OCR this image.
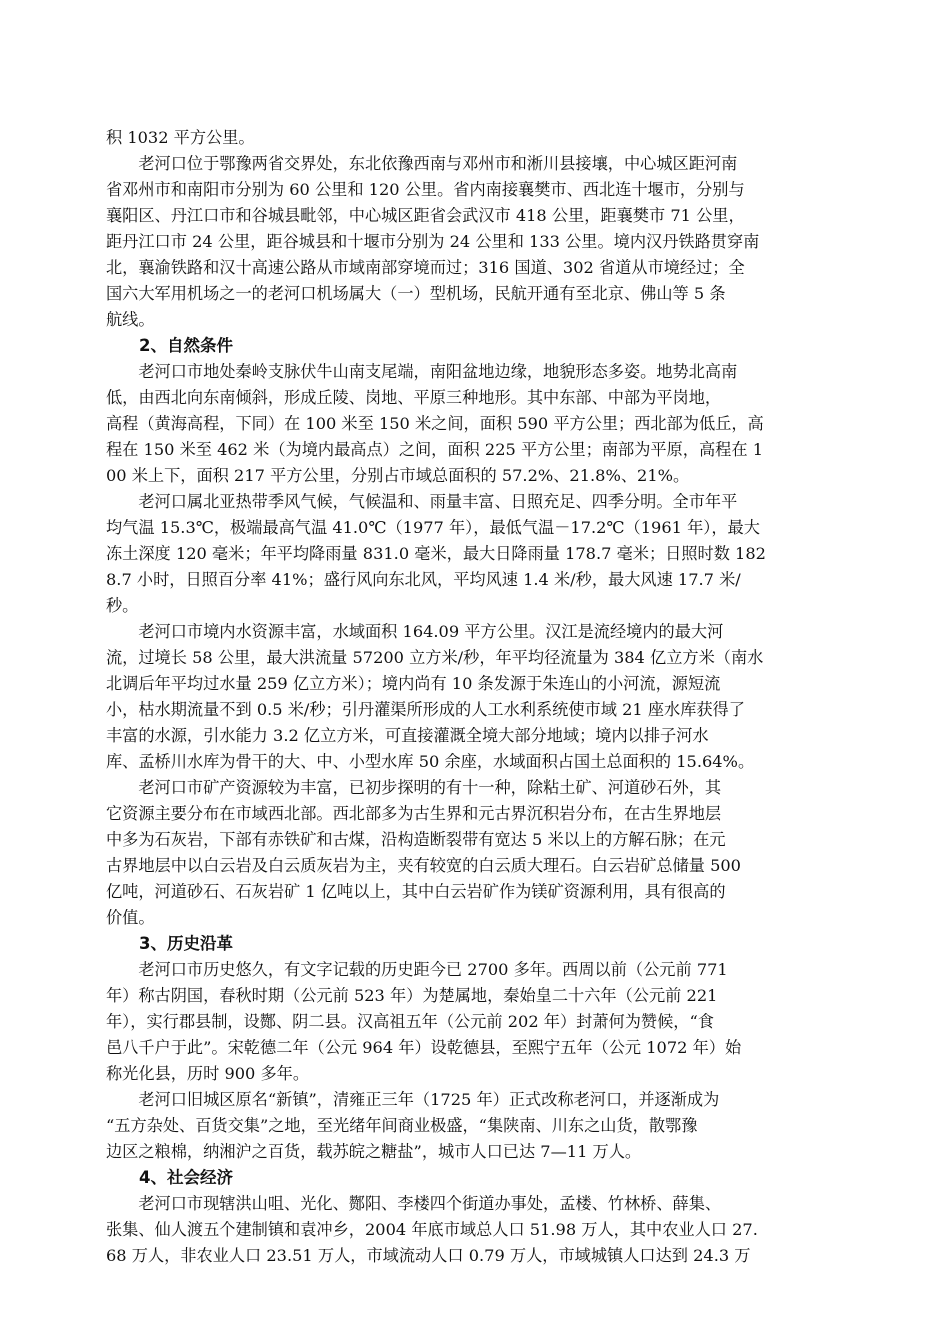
积 1032 平方公里。
　　老河口位于鄂豫两省交界处，东北依豫西南与邓州市和淅川县接壤，中心城区距河南
省邓州市和南阳市分别为 60 公里和 120 公里。省内南接襄樊市、西北连十堰市，分别与
襄阳区、丹江口市和谷城县毗邻，中心城区距省会武汉市 418 公里，距襄樊市 71 公里，
距丹江口市 24 公里，距谷城县和十堰市分别为 24 公里和 133 公里。境内汉丹铁路贯穿南
北，襄渝铁路和汉十高速公路从市域南部穿境而过；316 国道、302 省道从市境经过；全
国六大军用机场之一的老河口机场属大（一）型机场，民航开通有至北京、佛山等 5 条
航线。
　　2、自然条件
　　老河口市地处秦岭支脉伏牛山南支尾端，南阳盆地边缘，地貌形态多姿。地势北高南
低，由西北向东南倾斜，形成丘陵、岗地、平原三种地形。其中东部、中部为平岗地，
高程（黄海高程，下同）在 100 米至 150 米之间，面积 590 平方公里；西北部为低丘，高
程在 150 米至 462 米（为境内最高点）之间，面积 225 平方公里；南部为平原，高程在 1
00 米上下，面积 217 平方公里，分别占市域总面积的 57.2%、21.8%、21%。
　　老河口属北亚热带季风气候，气候温和、雨量丰富、日照充足、四季分明。全市年平
均气温 15.3℃，极端最高气温 41.0℃（1977 年），最低气温－17.2℃（1961 年），最大
冻土深度 120 毫米；年平均降雨量 831.0 毫米，最大日降雨量 178.7 毫米；日照时数 182
8.7 小时，日照百分率 41%；盛行风向东北风，平均风速 1.4 米/秒，最大风速 17.7 米/
秒。
　　老河口市境内水资源丰富，水域面积 164.09 平方公里。汉江是流经境内的最大河
流，过境长 58 公里，最大洪流量 57200 立方米/秒，年平均径流量为 384 亿立方米（南水
北调后年平均过水量 259 亿立方米）；境内尚有 10 条发源于朱连山的小河流，源短流
小，枯水期流量不到 0.5 米/秒；引丹灌渠所形成的人工水利系统使市域 21 座水库获得了
丰富的水源，引水能力 3.2 亿立方米，可直接灌溉全境大部分地域；境内以排子河水
库、孟桥川水库为骨干的大、中、小型水库 50 余座，水域面积占国土总面积的 15.64%。
　　老河口市矿产资源较为丰富，已初步探明的有十一种，除粘土矿、河道砂石外，其
它资源主要分布在市域西北部。西北部多为古生界和元古界沉积岩分布，在古生界地层
中多为石灰岩，下部有赤铁矿和古煤，沿构造断裂带有宽达 5 米以上的方解石脉；在元
古界地层中以白云岩及白云质灰岩为主，夹有较宽的白云质大理石。白云岩矿总储量 500
亿吨，河道砂石、石灰岩矿 1 亿吨以上，其中白云岩矿作为镁矿资源利用，具有很高的
价值。
　　3、历史沿革
　　老河口市历史悠久，有文字记载的历史距今已 2700 多年。西周以前（公元前 771
年）称古阴国，春秋时期（公元前 523 年）为楚属地，秦始皇二十六年（公元前 221
年），实行郡县制，设酂、阴二县。汉高祖五年（公元前 202 年）封萧何为赞候，“食
邑八千户于此”。宋乾德二年（公元 964 年）设乾德县，至熙宁五年（公元 1072 年）始
称光化县，历时 900 多年。
　　老河口旧城区原名“新镇”，清雍正三年（1725 年）正式改称老河口，并逐渐成为
“五方杂处、百货交集”之地，至光绪年间商业极盛，“集陕南、川东之山货，散鄂豫
边区之粮棉，纳湘沪之百货，载苏皖之糖盐”，城市人口已达 7—11 万人。
　　4、社会经济
　　老河口市现辖洪山咀、光化、酂阳、李楼四个街道办事处，孟楼、竹林桥、薛集、
张集、仙人渡五个建制镇和袁冲乡，2004 年底市域总人口 51.98 万人，其中农业人口 27.
68 万人，非农业人口 23.51 万人，市域流动人口 0.79 万人，市域城镇人口达到 24.3 万
